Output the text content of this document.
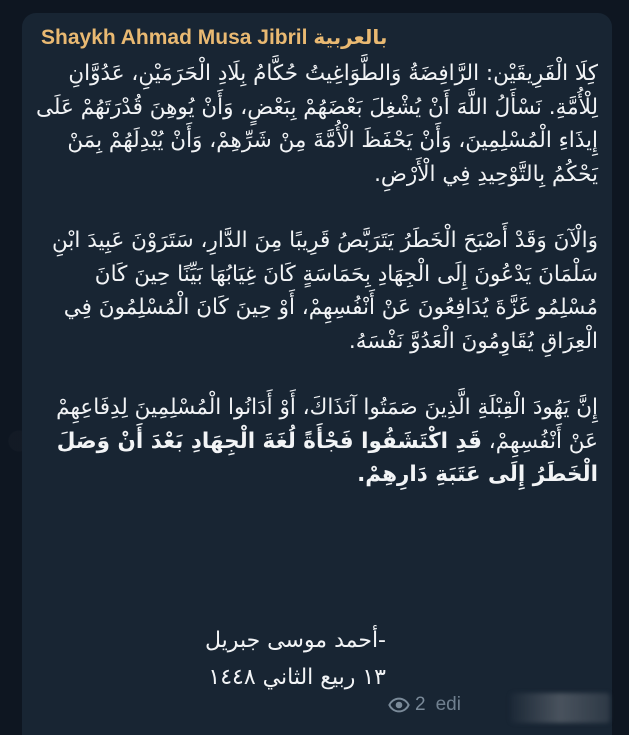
Shaykh Ahmad Musa Jibril بالعربية

كِلَا الْفَرِيقَيْن: الرَّافِضَةُ وَالطَّوَاغِيتُ حُكَّامُ بِلَادِ الْحَرَمَيْنِ، عَدُوَّانِ لِلْأُمَّةِ. نَسْأَلُ اللَّهَ أَنْ يُشْغِلَ بَعْضَهُمْ بِبَعْضٍ، وَأَنْ يُوهِنَ قُدْرَتَهُمْ عَلَى إِيذَاءِ الْمُسْلِمِينَ، وَأَنْ يَحْفَظَ الْأُمَّةَ مِنْ شَرِّهِمْ، وَأَنْ يُبْدِلَهُمْ بِمَنْ يَحْكُمُ بِالتَّوْحِيدِ فِي الْأَرْضِ.

وَالْآنَ وَقَدْ أَصْبَحَ الْخَطَرُ يَتَرَبَّصُ قَرِيبًا مِنَ الدَّارِ، سَتَرَوْنَ عَبِيدَ ابْنِ سَلْمَانَ يَدْعُونَ إِلَى الْجِهَادِ بِحَمَاسَةٍ كَانَ غِيَابُهَا بَيِّنًا حِينَ كَانَ مُسْلِمُو غَزَّةَ يُدَافِعُونَ عَنْ أَنْفُسِهِمْ، أَوْ حِينَ كَانَ الْمُسْلِمُونَ فِي الْعِرَاقِ يُقَاوِمُونَ الْعَدُوَّ نَفْسَهُ.

إِنَّ يَهُودَ الْقِبْلَةِ الَّذِينَ صَمَتُوا آنَذَاكَ، أَوْ أَدَانُوا الْمُسْلِمِينَ لِدِفَاعِهِمْ عَنْ أَنْفُسِهِمْ، قَدِ اكْتَشَفُوا فَجْأَةً لُغَةَ الْجِهَادِ بَعْدَ أَنْ وَصَلَ الْخَطَرُ إِلَى عَتَبَةِ دَارِهِمْ.

-أحمد موسى جبريل
١٣ ربيع الثاني ١٤٤٨
2 edi
